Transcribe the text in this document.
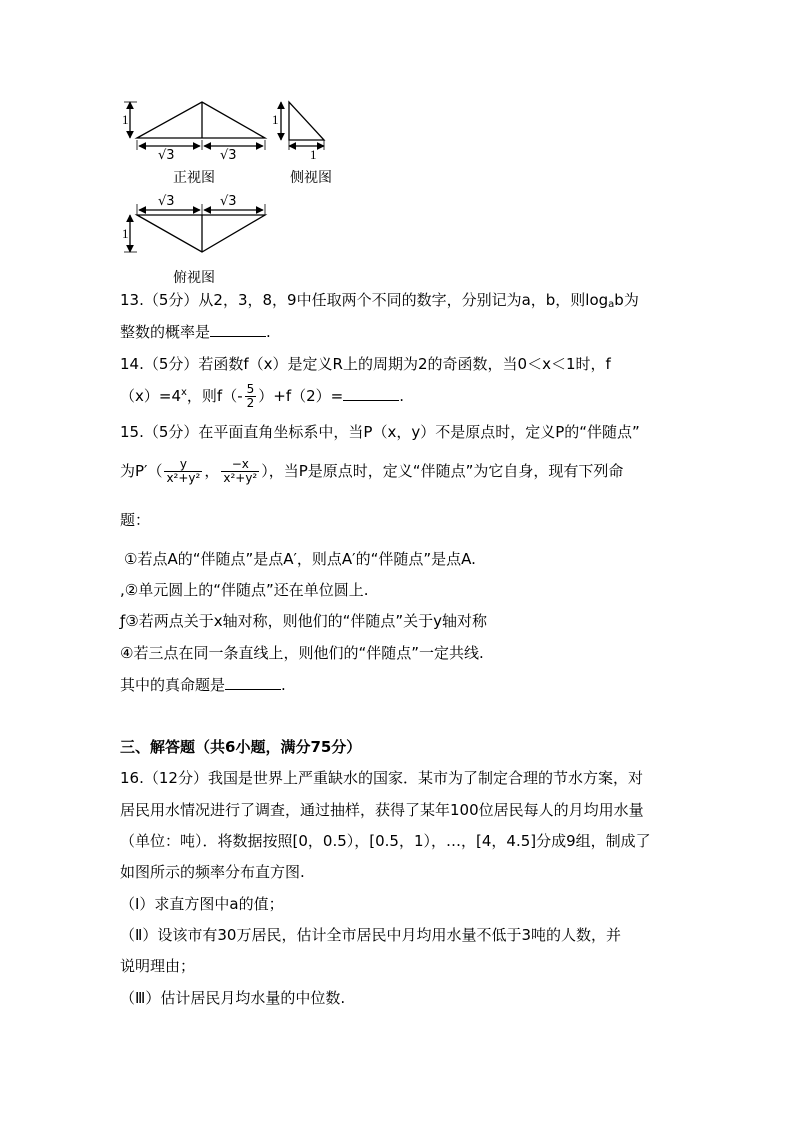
1
√3	√3
正视图
1
1
侧视图
1
√3	√3
俯视图
13.（5分）从2，3，8，9中任取两个不同的数字，分别记为a，b，则$\log_ab$为
整数的概率是	.
14.（5分）若函数f（x）是定义R上的周期为2的奇函数，当0＜x＜1时，f
$(x)=4^x$，则$f(- \frac{5}{2} )+f(2)=$	.
15.（5分）在平面直角坐标系中，当P（x，y）不是原点时，定义P的“伴随点”
为$P'( \frac{y}{\text{x²+y²}}$ ， $\frac{-x}{\text{x²+y²}}$ ），当P是原点时，定义“伴随点”为它自身，现有下列命
题：
①若点A的“伴随点”是点A′，则点A′的“伴随点”是点A.
,②单元圆上的“伴随点”还在单位圆上.
ƒ③若两点关于x轴对称，则他们的“伴随点”关于y轴对称
④若三点在同一条直线上，则他们的“伴随点”一定共线.
其中的真命题是	.
三、解答题（共6小题，满分75分）
16.（12分）我国是世界上严重缺水的国家．某市为了制定合理的节水方案，对
居民用水情况进行了调查，通过抽样，获得了某年100位居民每人的月均用水量
（单位：吨）．将数据按照[0，0.5），[0.5，1），…，[4，4.5]分成9组，制成了
如图所示的频率分布直方图.
（Ⅰ）求直方图中a的值；
（Ⅱ）设该市有30万居民，估计全市居民中月均用水量不低于3吨的人数，并
说明理由；
（Ⅲ）估计居民月均水量的中位数.
